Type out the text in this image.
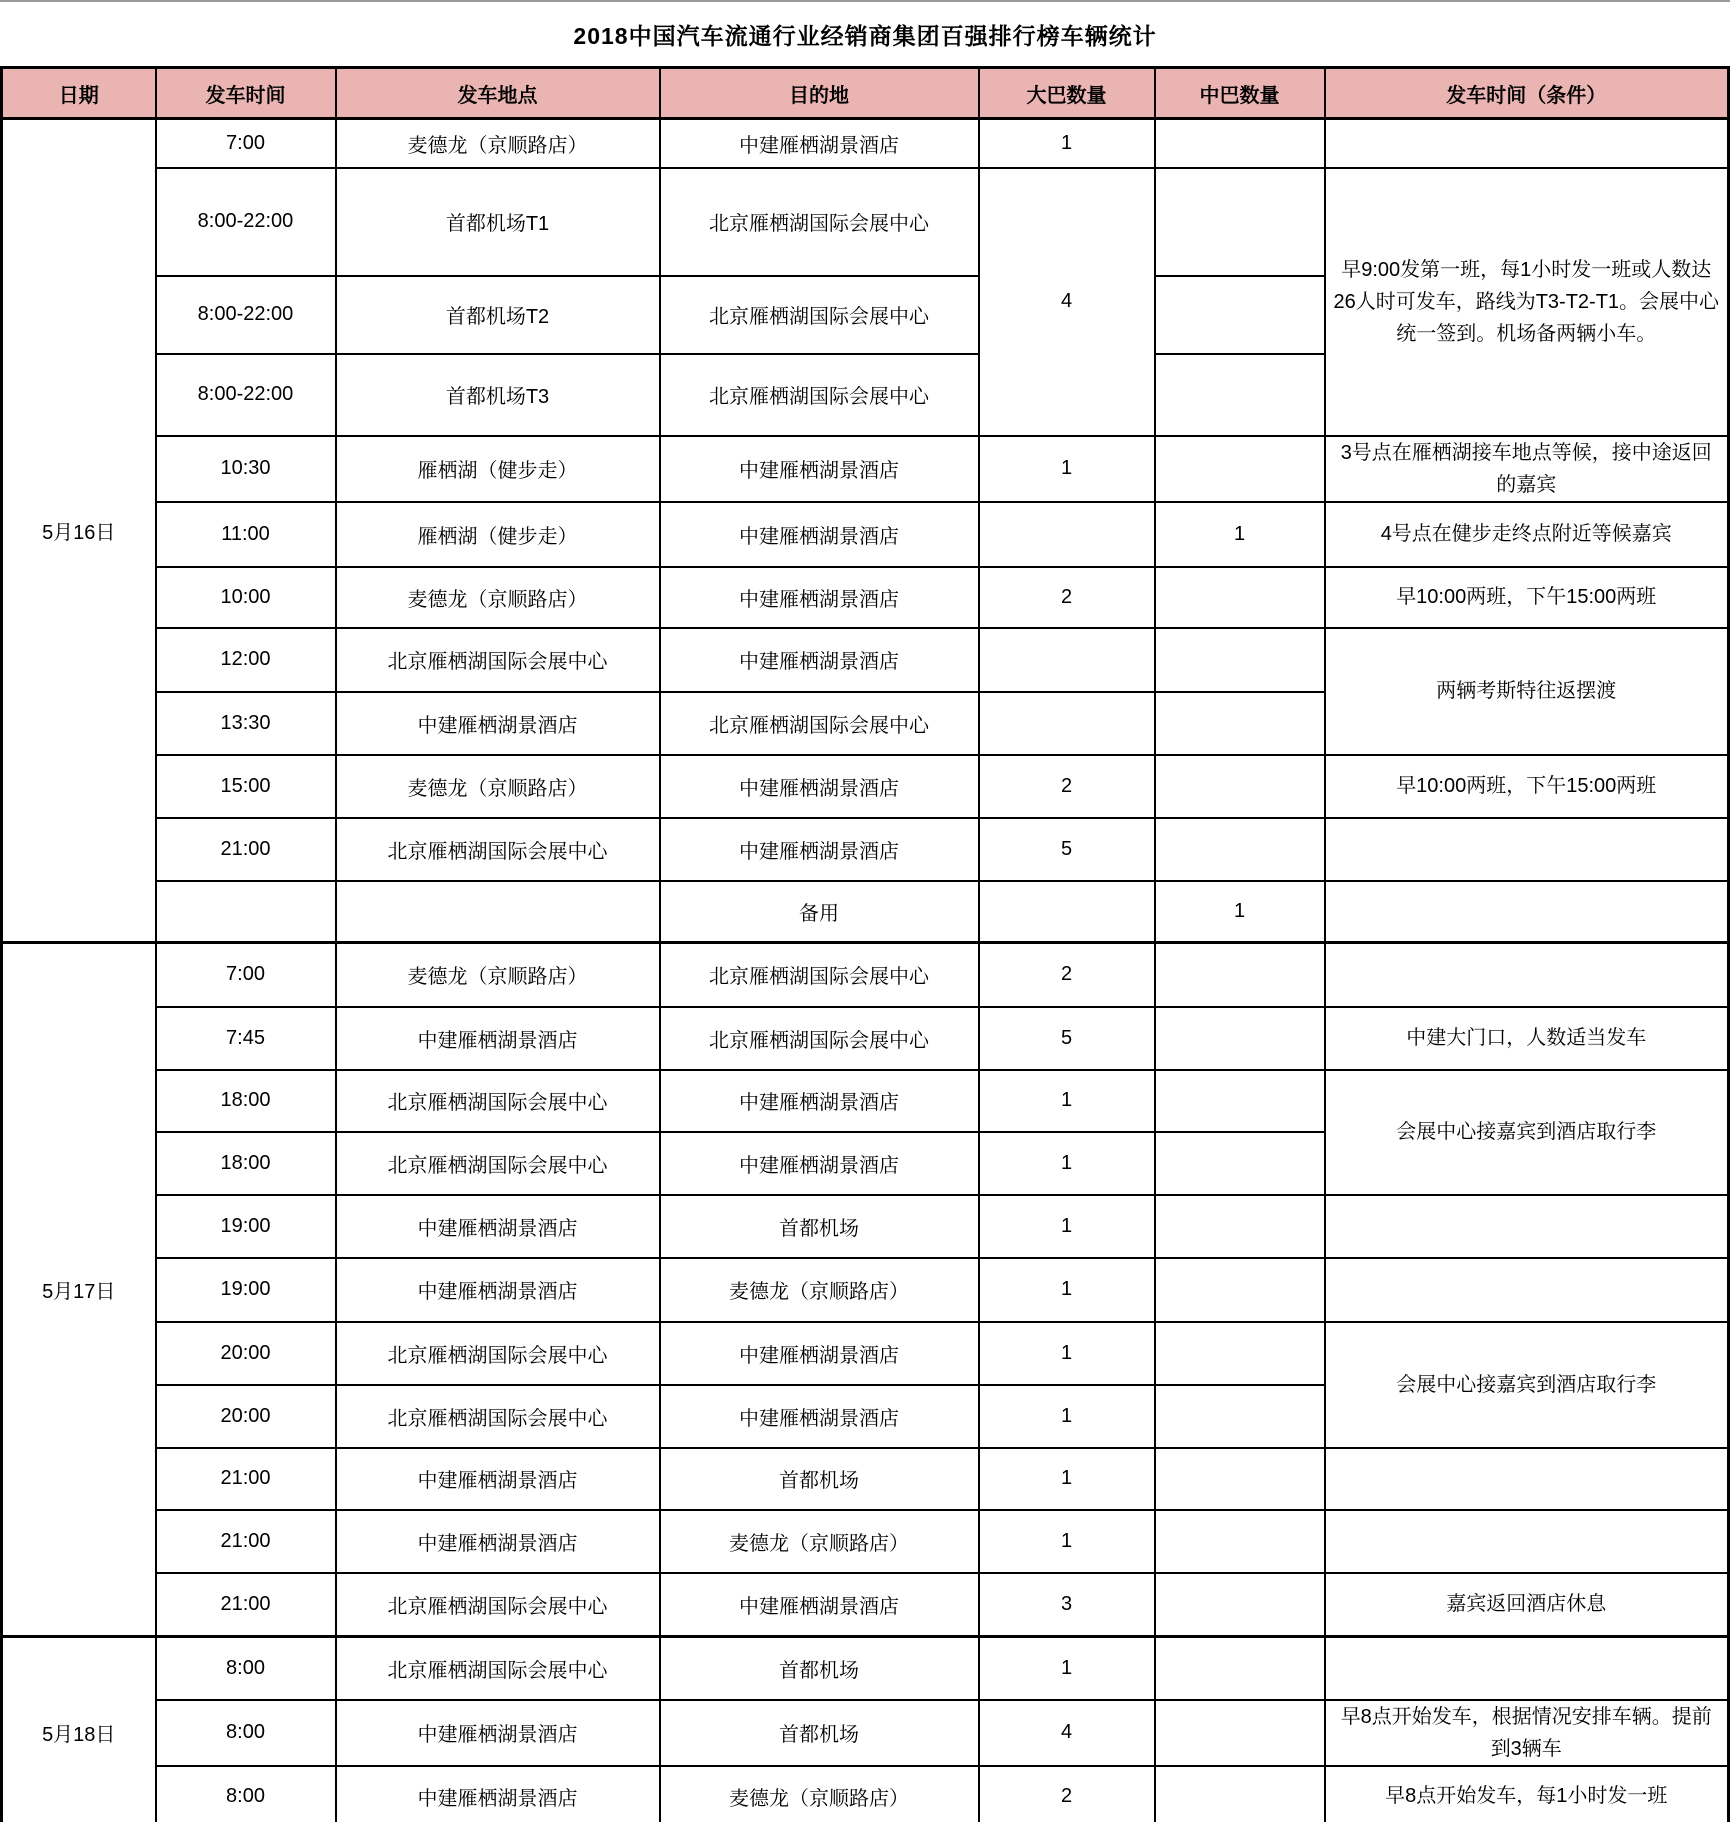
2018中国汽车流通行业经销商集团百强排行榜车辆统计
日期	发车时间	发车地点	目的地	大巴数量	中巴数量	发车时间（条件）
5月16日	7:00	麦德龙（京顺路店）	中建雁栖湖景酒店	1		
	8:00-22:00	首都机场T1	北京雁栖湖国际会展中心	4		早9:00发第一班，每1小时发一班或人数达26人时可发车，路线为T3-T2-T1。会展中心统一签到。机场备两辆小车。
	8:00-22:00	首都机场T2	北京雁栖湖国际会展中心			
	8:00-22:00	首都机场T3	北京雁栖湖国际会展中心			
	10:30	雁栖湖（健步走）	中建雁栖湖景酒店	1		3号点在雁栖湖接车地点等候，接中途返回的嘉宾
	11:00	雁栖湖（健步走）	中建雁栖湖景酒店		1	4号点在健步走终点附近等候嘉宾
	10:00	麦德龙（京顺路店）	中建雁栖湖景酒店	2		早10:00两班，下午15:00两班
	12:00	北京雁栖湖国际会展中心	中建雁栖湖景酒店			两辆考斯特往返摆渡
	13:30	中建雁栖湖景酒店	北京雁栖湖国际会展中心			
	15:00	麦德龙（京顺路店）	中建雁栖湖景酒店	2		早10:00两班，下午15:00两班
	21:00	北京雁栖湖国际会展中心	中建雁栖湖景酒店	5		
			备用		1	
5月17日	7:00	麦德龙（京顺路店）	北京雁栖湖国际会展中心	2		
	7:45	中建雁栖湖景酒店	北京雁栖湖国际会展中心	5		中建大门口，人数适当发车
	18:00	北京雁栖湖国际会展中心	中建雁栖湖景酒店	1		会展中心接嘉宾到酒店取行李
	18:00	北京雁栖湖国际会展中心	中建雁栖湖景酒店	1		
	19:00	中建雁栖湖景酒店	首都机场	1		
	19:00	中建雁栖湖景酒店	麦德龙（京顺路店）	1		
	20:00	北京雁栖湖国际会展中心	中建雁栖湖景酒店	1		会展中心接嘉宾到酒店取行李
	20:00	北京雁栖湖国际会展中心	中建雁栖湖景酒店	1		
	21:00	中建雁栖湖景酒店	首都机场	1		
	21:00	中建雁栖湖景酒店	麦德龙（京顺路店）	1		
	21:00	北京雁栖湖国际会展中心	中建雁栖湖景酒店	3		嘉宾返回酒店休息
5月18日	8:00	北京雁栖湖国际会展中心	首都机场	1		
	8:00	中建雁栖湖景酒店	首都机场	4		早8点开始发车，根据情况安排车辆。提前到3辆车
	8:00	中建雁栖湖景酒店	麦德龙（京顺路店）	2		早8点开始发车，每1小时发一班
